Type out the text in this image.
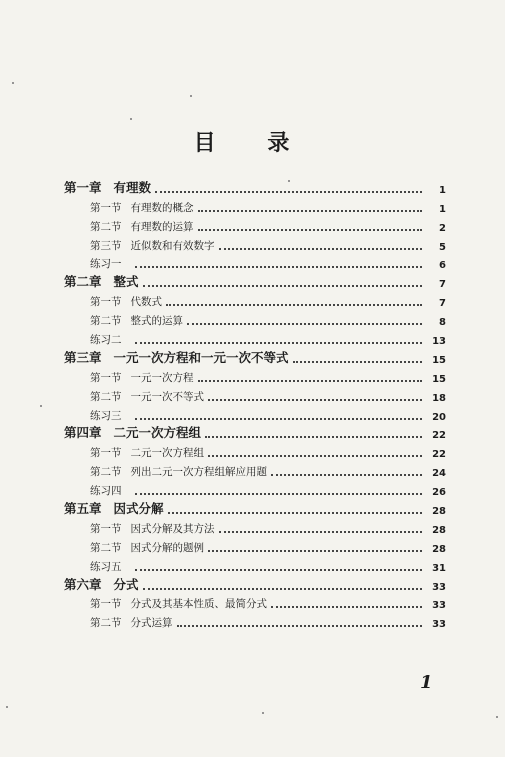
目 录
第一章 有理数	1
第一节 有理数的概念	1
第二节 有理数的运算	2
第三节 近似数和有效数字	5
练习一	6
第二章 整式	7
第一节 代数式	7
第二节 整式的运算	8
练习二	13
第三章 一元一次方程和一元一次不等式	15
第一节 一元一次方程	15
第二节 一元一次不等式	18
练习三	20
第四章 二元一次方程组	22
第一节 二元一次方程组	22
第二节 列出二元一次方程组解应用题	24
练习四	26
第五章 因式分解	28
第一节 因式分解及其方法	28
第二节 因式分解的题例	28
练习五	31
第六章 分式	33
第一节 分式及其基本性质、最简分式	33
第二节 分式运算	33
1
